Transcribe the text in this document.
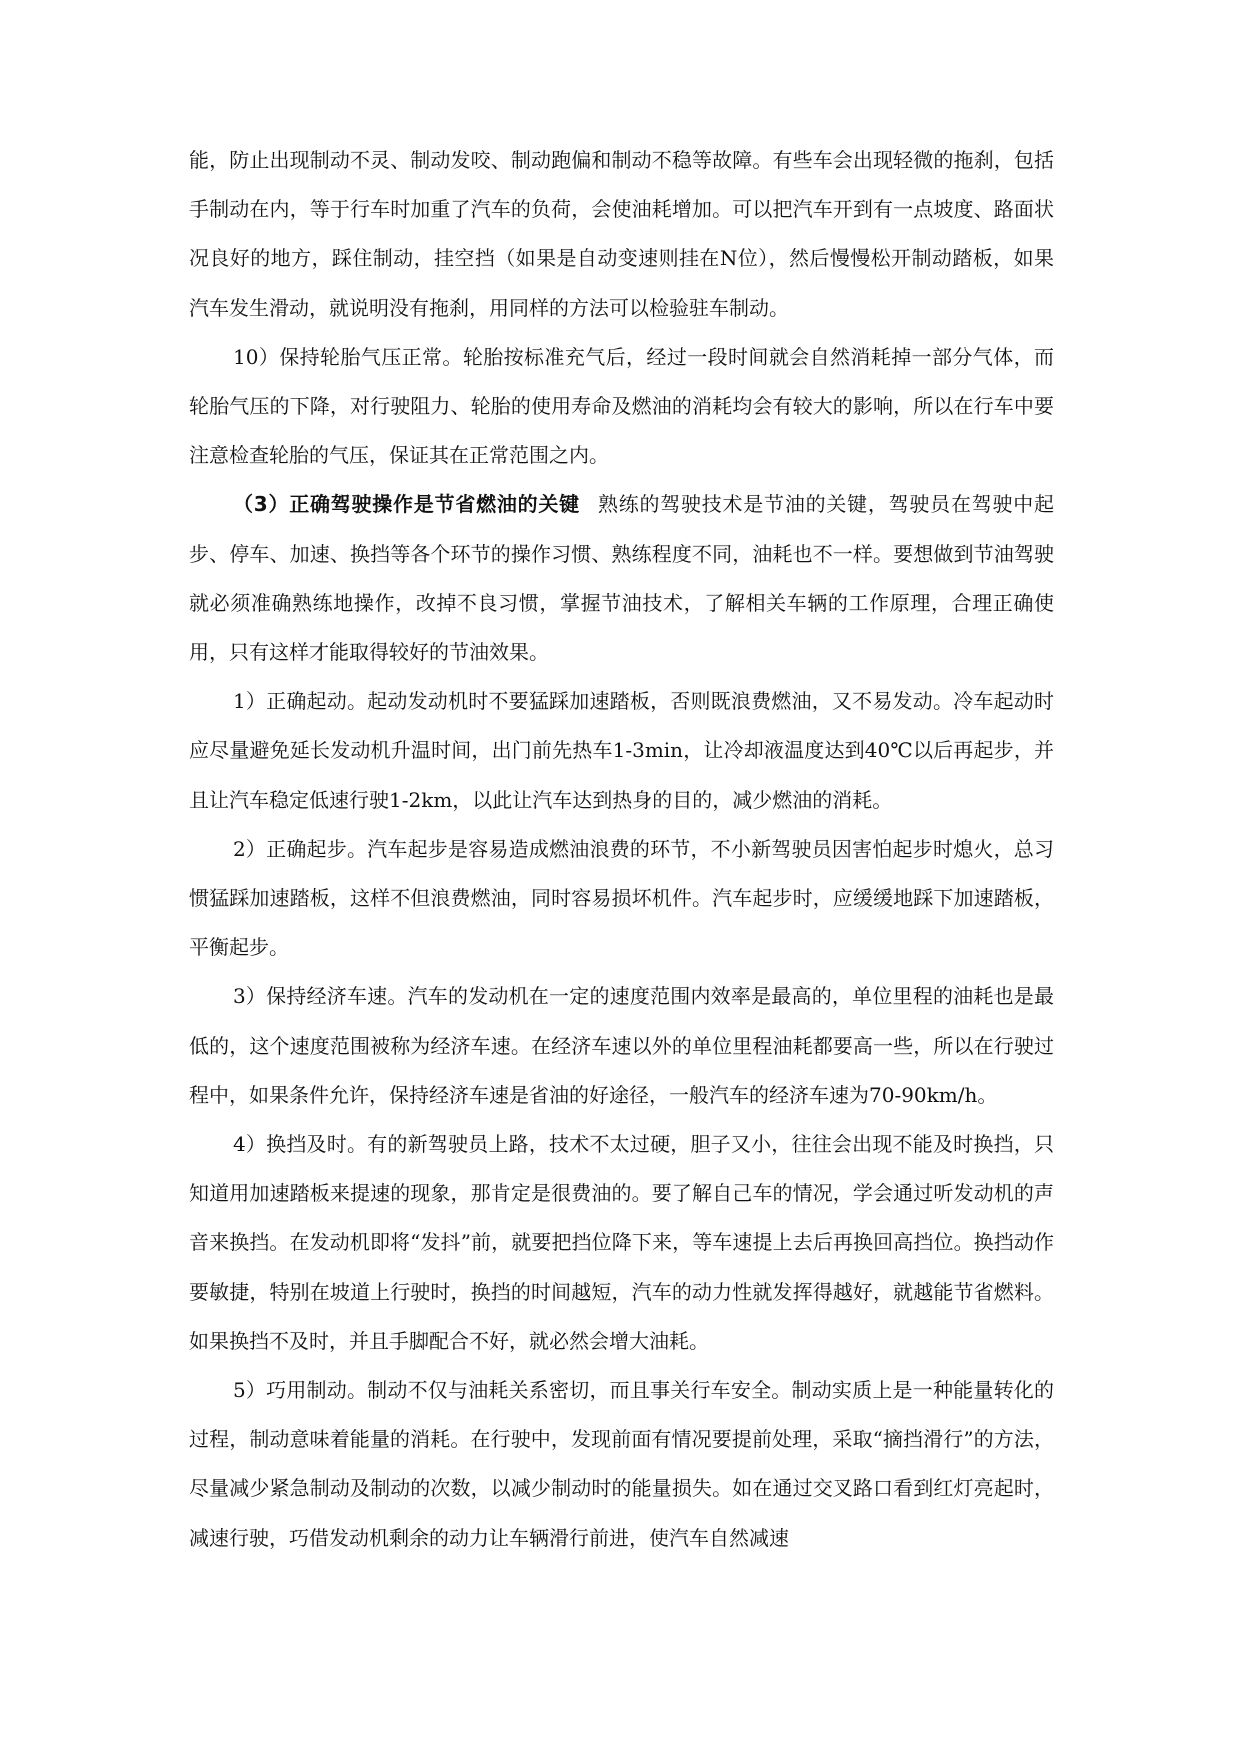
能，防止出现制动不灵、制动发咬、制动跑偏和制动不稳等故障。有些车会出现轻微的拖刹，包括手制动在内，等于行车时加重了汽车的负荷，会使油耗增加。可以把汽车开到有一点坡度、路面状况良好的地方，踩住制动，挂空挡（如果是自动变速则挂在N位），然后慢慢松开制动踏板，如果汽车发生滑动，就说明没有拖刹，用同样的方法可以检验驻车制动。

10）保持轮胎气压正常。轮胎按标准充气后，经过一段时间就会自然消耗掉一部分气体，而轮胎气压的下降，对行驶阻力、轮胎的使用寿命及燃油的消耗均会有较大的影响，所以在行车中要注意检查轮胎的气压，保证其在正常范围之内。

（3）正确驾驶操作是节省燃油的关键 熟练的驾驶技术是节油的关键，驾驶员在驾驶中起步、停车、加速、换挡等各个环节的操作习惯、熟练程度不同，油耗也不一样。要想做到节油驾驶就必须准确熟练地操作，改掉不良习惯，掌握节油技术，了解相关车辆的工作原理，合理正确使用，只有这样才能取得较好的节油效果。

1）正确起动。起动发动机时不要猛踩加速踏板，否则既浪费燃油，又不易发动。冷车起动时应尽量避免延长发动机升温时间，出门前先热车1-3min，让冷却液温度达到40℃以后再起步，并且让汽车稳定低速行驶1-2km，以此让汽车达到热身的目的，减少燃油的消耗。

2）正确起步。汽车起步是容易造成燃油浪费的环节，不小新驾驶员因害怕起步时熄火，总习惯猛踩加速踏板，这样不但浪费燃油，同时容易损坏机件。汽车起步时，应缓缓地踩下加速踏板，平衡起步。

3）保持经济车速。汽车的发动机在一定的速度范围内效率是最高的，单位里程的油耗也是最低的，这个速度范围被称为经济车速。在经济车速以外的单位里程油耗都要高一些，所以在行驶过程中，如果条件允许，保持经济车速是省油的好途径，一般汽车的经济车速为70-90km/h。

4）换挡及时。有的新驾驶员上路，技术不太过硬，胆子又小，往往会出现不能及时换挡，只知道用加速踏板来提速的现象，那肯定是很费油的。要了解自己车的情况，学会通过听发动机的声音来换挡。在发动机即将“发抖”前，就要把挡位降下来，等车速提上去后再换回高挡位。换挡动作要敏捷，特别在坡道上行驶时，换挡的时间越短，汽车的动力性就发挥得越好，就越能节省燃料。如果换挡不及时，并且手脚配合不好，就必然会增大油耗。

5）巧用制动。制动不仅与油耗关系密切，而且事关行车安全。制动实质上是一种能量转化的过程，制动意味着能量的消耗。在行驶中，发现前面有情况要提前处理，采取“摘挡滑行”的方法，尽量减少紧急制动及制动的次数，以减少制动时的能量损失。如在通过交叉路口看到红灯亮起时，减速行驶，巧借发动机剩余的动力让车辆滑行前进，使汽车自然减速
